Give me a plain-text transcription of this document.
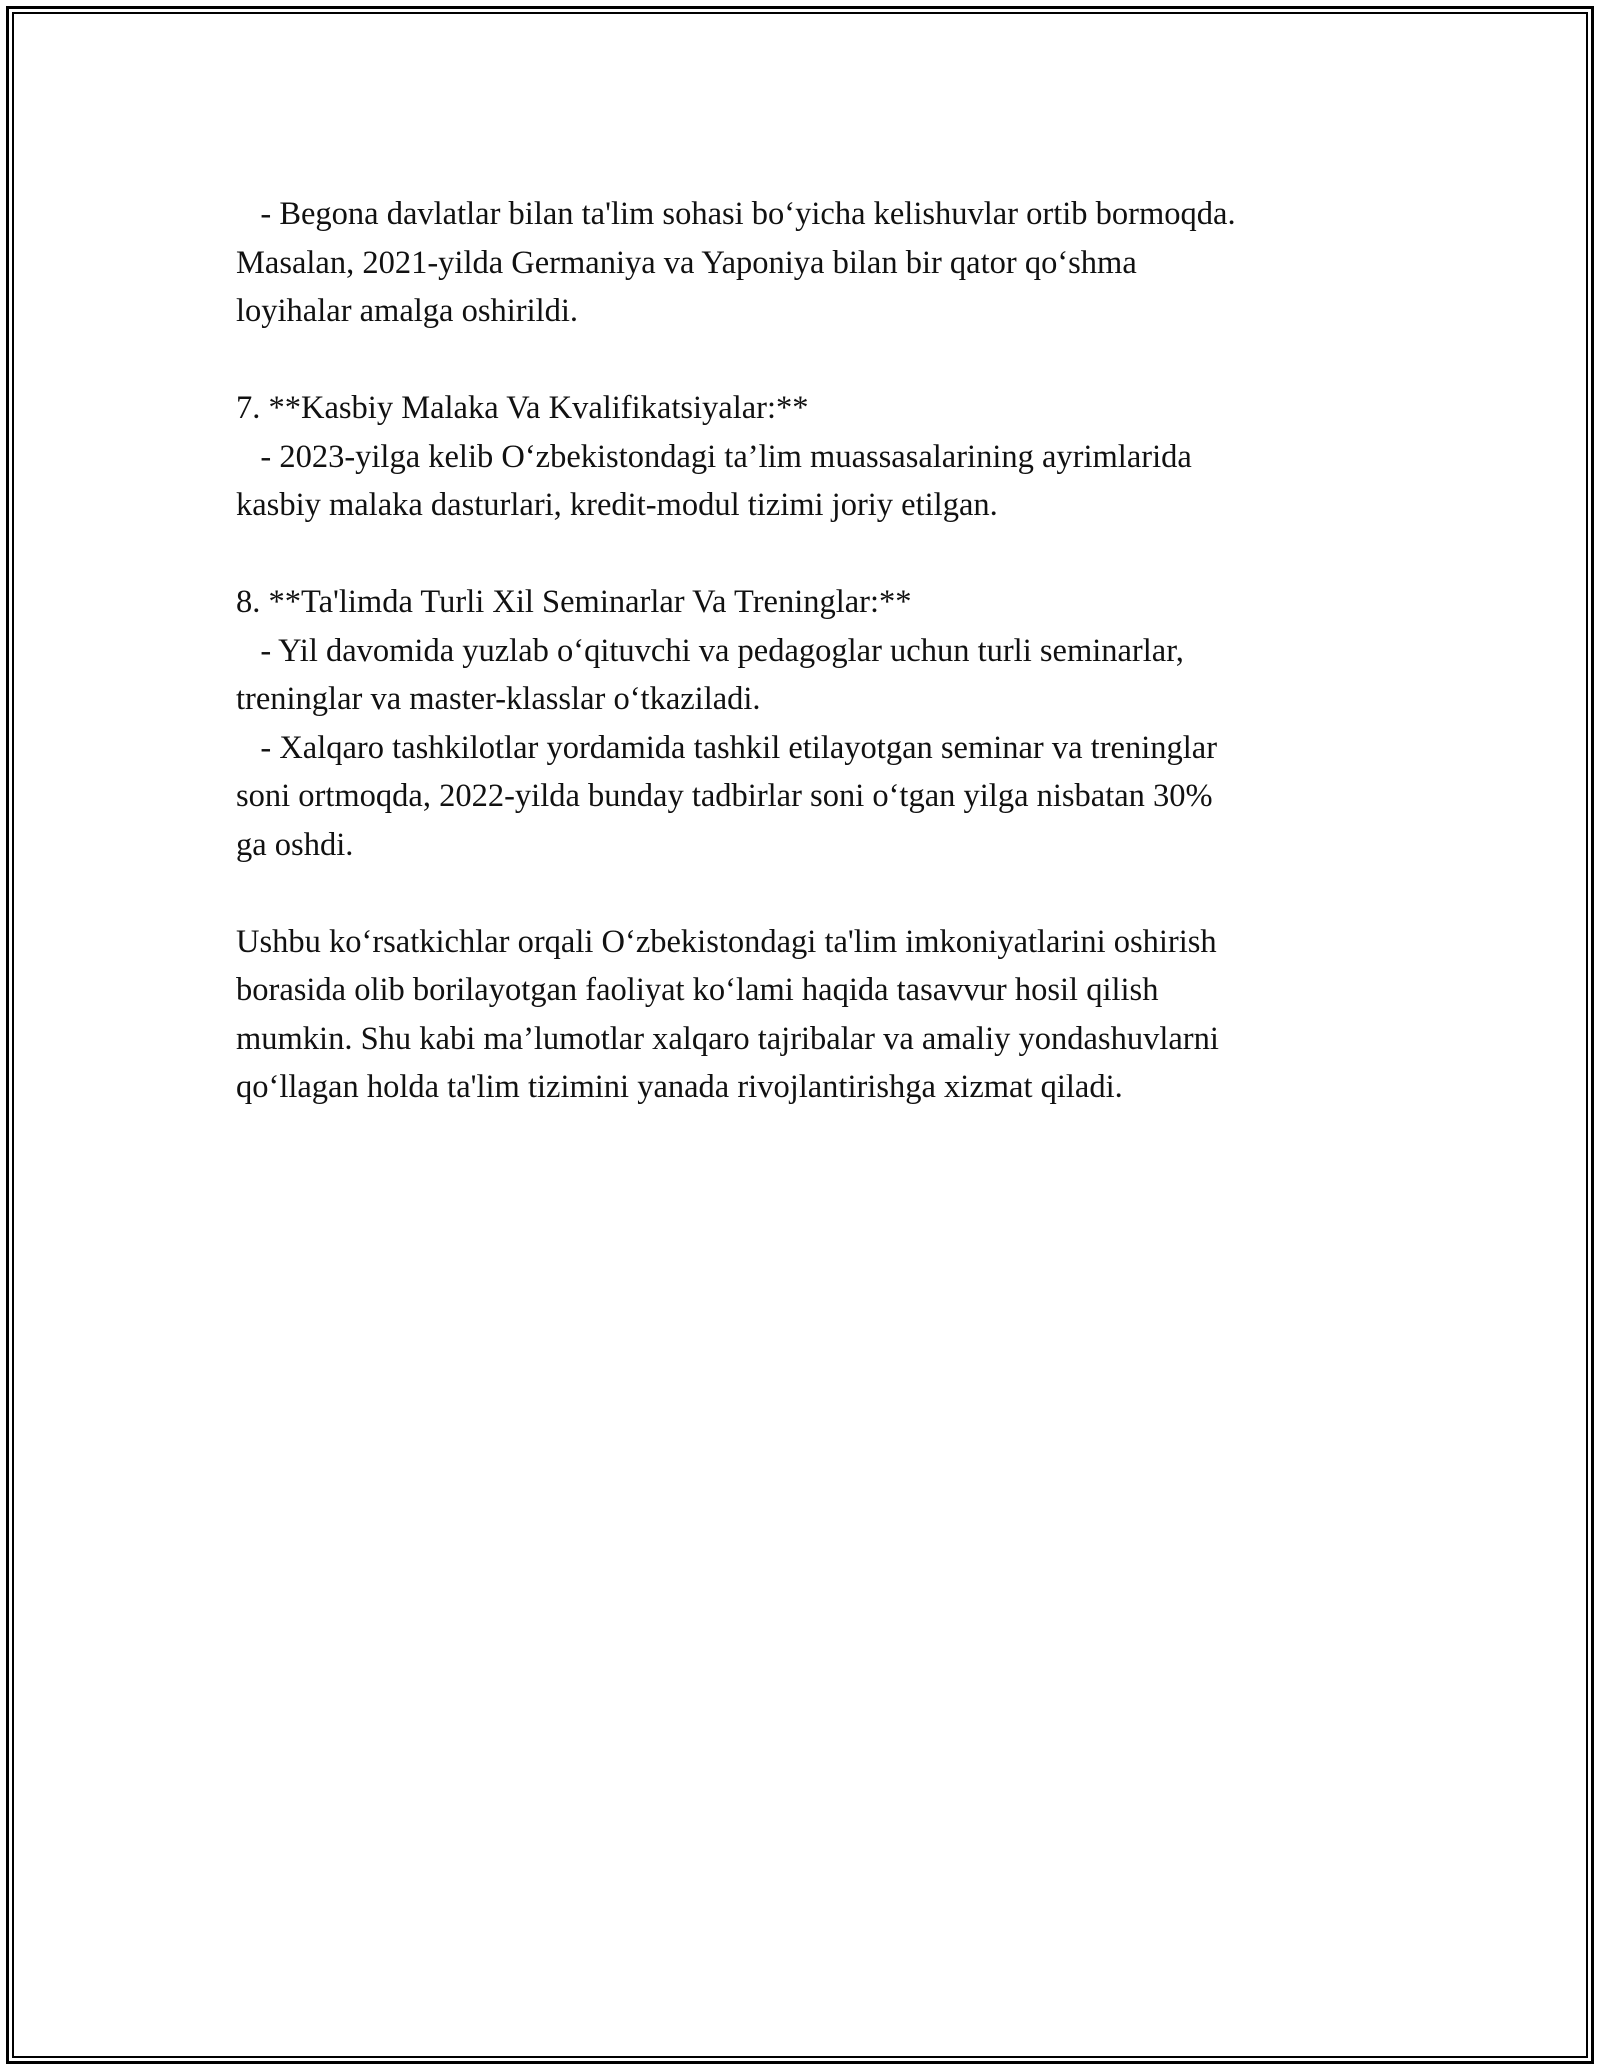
- Begona davlatlar bilan ta'lim sohasi bo‘yicha kelishuvlar ortib bormoqda.
Masalan, 2021-yilda Germaniya va Yaponiya bilan bir qator qo‘shma
loyihalar amalga oshirildi.
7. **Kasbiy Malaka Va Kvalifikatsiyalar:**
- 2023-yilga kelib O‘zbekistondagi ta’lim muassasalarining ayrimlarida
kasbiy malaka dasturlari, kredit-modul tizimi joriy etilgan.
8. **Ta'limda Turli Xil Seminarlar Va Treninglar:**
- Yil davomida yuzlab o‘qituvchi va pedagoglar uchun turli seminarlar,
treninglar va master-klasslar o‘tkaziladi.
- Xalqaro tashkilotlar yordamida tashkil etilayotgan seminar va treninglar
soni ortmoqda, 2022-yilda bunday tadbirlar soni o‘tgan yilga nisbatan 30%
ga oshdi.
Ushbu ko‘rsatkichlar orqali O‘zbekistondagi ta'lim imkoniyatlarini oshirish
borasida olib borilayotgan faoliyat ko‘lami haqida tasavvur hosil qilish
mumkin. Shu kabi ma’lumotlar xalqaro tajribalar va amaliy yondashuvlarni
qo‘llagan holda ta'lim tizimini yanada rivojlantirishga xizmat qiladi.
